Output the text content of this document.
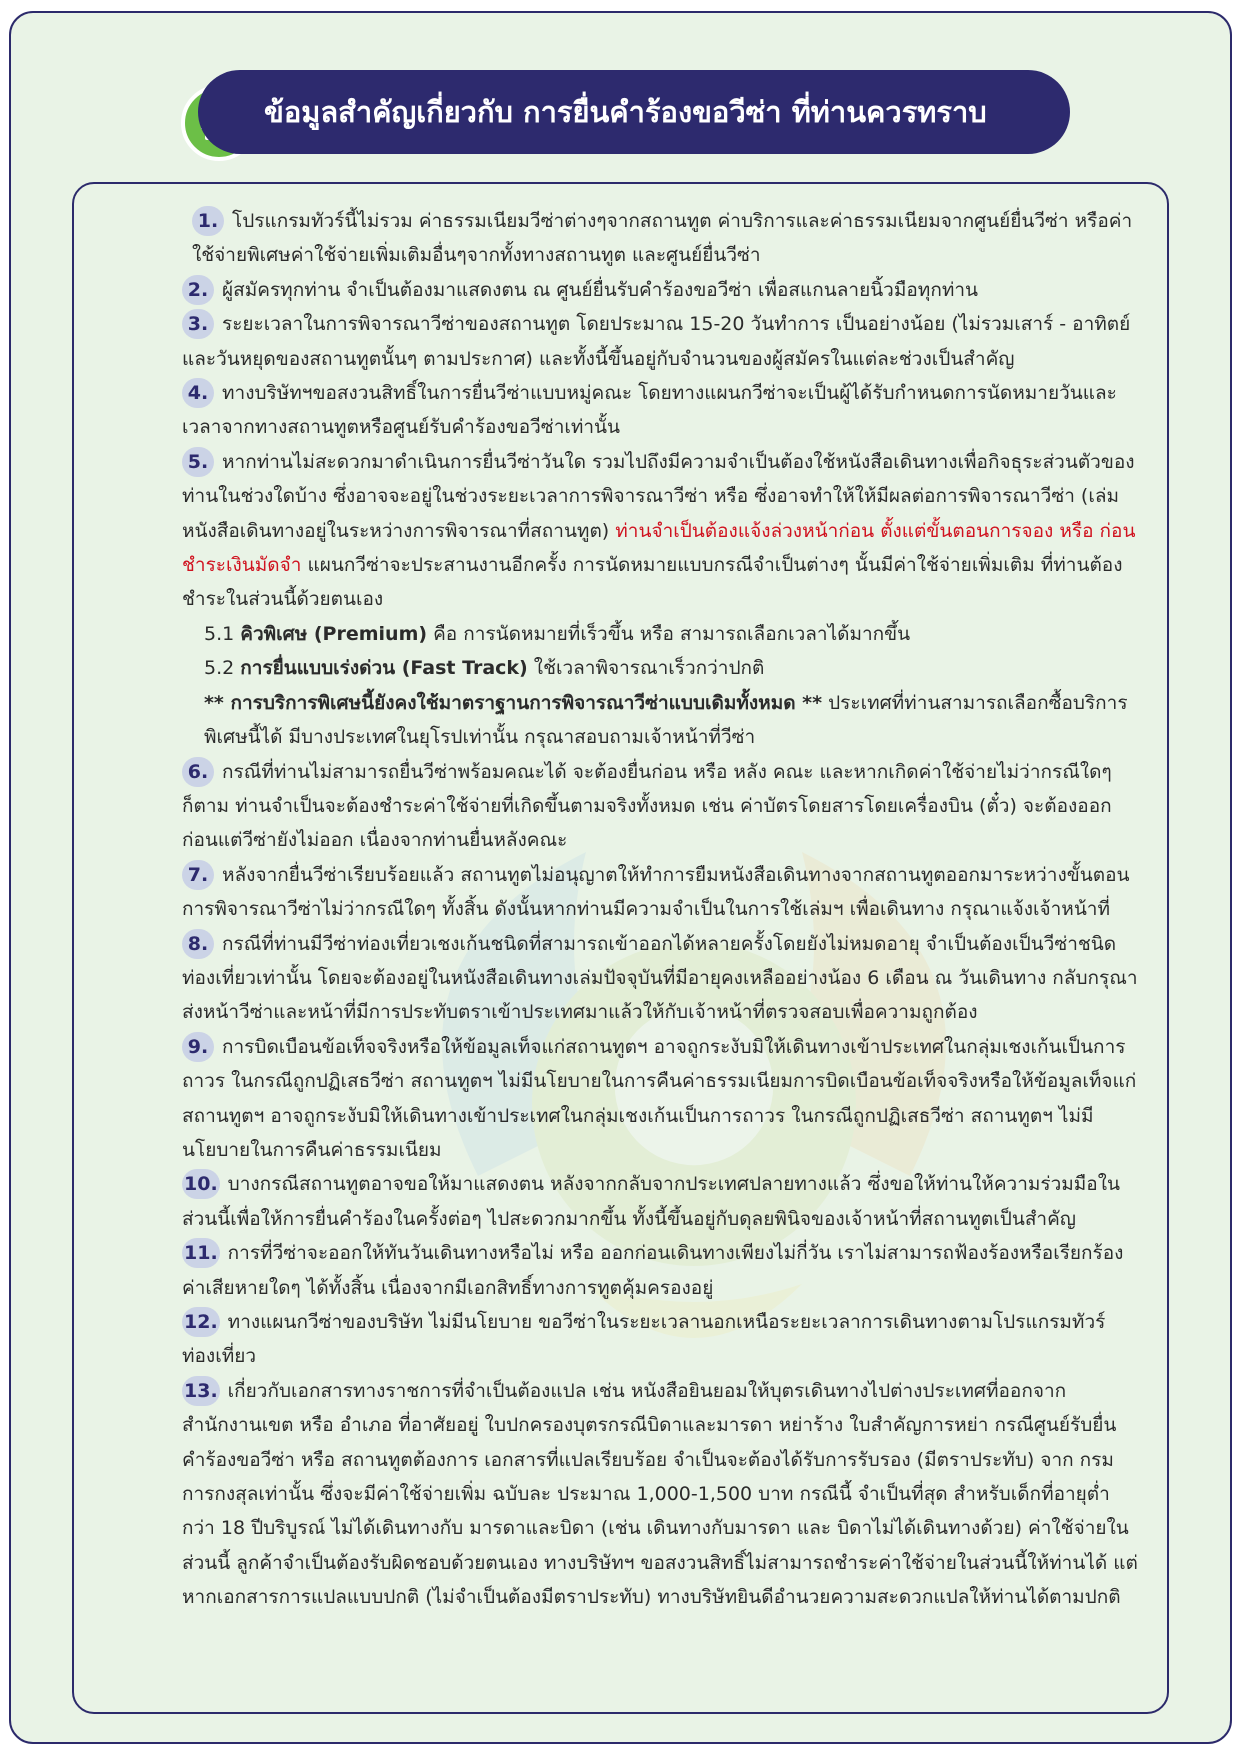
ข้อมูลสำคัญเกี่ยวกับ การยื่นคำร้องขอวีซ่า ที่ท่านควรทราบ

1. โปรแกรมทัวร์นี้ไม่รวม ค่าธรรมเนียมวีซ่าต่างๆจากสถานทูต ค่าบริการและค่าธรรมเนียมจากศูนย์ยื่นวีซ่า หรือค่าใช้จ่ายพิเศษค่าใช้จ่ายเพิ่มเติมอื่นๆจากทั้งทางสถานทูต และศูนย์ยื่นวีซ่า

2. ผู้สมัครทุกท่าน จำเป็นต้องมาแสดงตน ณ ศูนย์ยื่นรับคำร้องขอวีซ่า เพื่อสแกนลายนิ้วมือทุกท่าน

3. ระยะเวลาในการพิจารณาวีซ่าของสถานทูต โดยประมาณ 15-20 วันทำการ เป็นอย่างน้อย (ไม่รวมเสาร์ - อาทิตย์ และวันหยุดของสถานทูตนั้นๆ ตามประกาศ) และทั้งนี้ขึ้นอยู่กับจำนวนของผู้สมัครในแต่ละช่วงเป็นสำคัญ

4. ทางบริษัทฯขอสงวนสิทธิ์ในการยื่นวีซ่าแบบหมู่คณะ โดยทางแผนกวีซ่าจะเป็นผู้ได้รับกำหนดการนัดหมายวันและเวลาจากทางสถานทูตหรือศูนย์รับคำร้องขอวีซ่าเท่านั้น

5. หากท่านไม่สะดวกมาดำเนินการยื่นวีซ่าวันใด รวมไปถึงมีความจำเป็นต้องใช้หนังสือเดินทางเพื่อกิจธุระส่วนตัวของท่านในช่วงใดบ้าง ซึ่งอาจจะอยู่ในช่วงระยะเวลาการพิจารณาวีซ่า หรือ ซึ่งอาจทำให้ให้มีผลต่อการพิจารณาวีซ่า (เล่มหนังสือเดินทางอยู่ในระหว่างการพิจารณาที่สถานทูต) ท่านจำเป็นต้องแจ้งล่วงหน้าก่อน ตั้งแต่ขั้นตอนการจอง หรือ ก่อนชำระเงินมัดจำ แผนกวีซ่าจะประสานงานอีกครั้ง การนัดหมายแบบกรณีจำเป็นต่างๆ นั้นมีค่าใช้จ่ายเพิ่มเติม ที่ท่านต้องชำระในส่วนนี้ด้วยตนเอง

5.1 คิวพิเศษ (Premium) คือ การนัดหมายที่เร็วขึ้น หรือ สามารถเลือกเวลาได้มากขึ้น

5.2 การยื่นแบบเร่งด่วน (Fast Track) ใช้เวลาพิจารณาเร็วกว่าปกติ

** การบริการพิเศษนี้ยังคงใช้มาตราฐานการพิจารณาวีซ่าแบบเดิมทั้งหมด ** ประเทศที่ท่านสามารถเลือกซื้อบริการพิเศษนี้ได้ มีบางประเทศในยุโรปเท่านั้น กรุณาสอบถามเจ้าหน้าที่วีซ่า

6. กรณีที่ท่านไม่สามารถยื่นวีซ่าพร้อมคณะได้ จะต้องยื่นก่อน หรือ หลัง คณะ และหากเกิดค่าใช้จ่ายไม่ว่ากรณีใดๆ ก็ตาม ท่านจำเป็นจะต้องชำระค่าใช้จ่ายที่เกิดขึ้นตามจริงทั้งหมด เช่น ค่าบัตรโดยสารโดยเครื่องบิน (ตั๋ว) จะต้องออกก่อนแต่วีซ่ายังไม่ออก เนื่องจากท่านยื่นหลังคณะ

7. หลังจากยื่นวีซ่าเรียบร้อยแล้ว สถานทูตไม่อนุญาตให้ทำการยืมหนังสือเดินทางจากสถานทูตออกมาระหว่างขั้นตอนการพิจารณาวีซ่าไม่ว่ากรณีใดๆ ทั้งสิ้น ดังนั้นหากท่านมีความจำเป็นในการใช้เล่มฯ เพื่อเดินทาง กรุณาแจ้งเจ้าหน้าที่

8. กรณีที่ท่านมีวีซ่าท่องเที่ยวเชงเก้นชนิดที่สามารถเข้าออกได้หลายครั้งโดยยังไม่หมดอายุ จำเป็นต้องเป็นวีซ่าชนิดท่องเที่ยวเท่านั้น โดยจะต้องอยู่ในหนังสือเดินทางเล่มปัจจุบันที่มีอายุคงเหลืออย่างน้อง 6 เดือน ณ วันเดินทาง กลับกรุณาส่งหน้าวีซ่าและหน้าที่มีการประทับตราเข้าประเทศมาแล้วให้กับเจ้าหน้าที่ตรวจสอบเพื่อความถูกต้อง

9. การบิดเบือนข้อเท็จจริงหรือให้ข้อมูลเท็จแก่สถานทูตฯ อาจถูกระงับมิให้เดินทางเข้าประเทศในกลุ่มเชงเก้นเป็นการถาวร ในกรณีถูกปฏิเสธวีซ่า สถานทูตฯ ไม่มีนโยบายในการคืนค่าธรรมเนียมการบิดเบือนข้อเท็จจริงหรือให้ข้อมูลเท็จแก่สถานทูตฯ อาจถูกระงับมิให้เดินทางเข้าประเทศในกลุ่มเชงเก้นเป็นการถาวร ในกรณีถูกปฏิเสธวีซ่า สถานทูตฯ ไม่มีนโยบายในการคืนค่าธรรมเนียม

10. บางกรณีสถานทูตอาจขอให้มาแสดงตน หลังจากกลับจากประเทศปลายทางแล้ว ซึ่งขอให้ท่านให้ความร่วมมือในส่วนนี้เพื่อให้การยื่นคำร้องในครั้งต่อๆ ไปสะดวกมากขึ้น ทั้งนี้ขึ้นอยู่กับดุลยพินิจของเจ้าหน้าที่สถานทูตเป็นสำคัญ

11. การที่วีซ่าจะออกให้ทันวันเดินทางหรือไม่ หรือ ออกก่อนเดินทางเพียงไม่กี่วัน เราไม่สามารถฟ้องร้องหรือเรียกร้องค่าเสียหายใดๆ ได้ทั้งสิ้น เนื่องจากมีเอกสิทธิ์ทางการทูตคุ้มครองอยู่

12. ทางแผนกวีซ่าของบริษัท ไม่มีนโยบาย ขอวีซ่าในระยะเวลานอกเหนือระยะเวลาการเดินทางตามโปรแกรมทัวร์ ท่องเที่ยว

13. เกี่ยวกับเอกสารทางราชการที่จำเป็นต้องแปล เช่น หนังสือยินยอมให้บุตรเดินทางไปต่างประเทศที่ออกจากสำนักงานเขต หรือ อำเภอ ที่อาศัยอยู่ ใบปกครองบุตรกรณีบิดาและมารดา หย่าร้าง ใบสำคัญการหย่า กรณีศูนย์รับยื่นคำร้องขอวีซ่า หรือ สถานทูตต้องการ เอกสารที่แปลเรียบร้อย จำเป็นจะต้องได้รับการรับรอง (มีตราประทับ) จาก กรมการกงสุลเท่านั้น ซึ่งจะมีค่าใช้จ่ายเพิ่ม ฉบับละ ประมาณ 1,000-1,500 บาท กรณีนี้ จำเป็นที่สุด สำหรับเด็กที่อายุต่ำกว่า 18 ปีบริบูรณ์ ไม่ได้เดินทางกับ มารดาและบิดา (เช่น เดินทางกับมารดา และ บิดาไม่ได้เดินทางด้วย) ค่าใช้จ่ายในส่วนนี้ ลูกค้าจำเป็นต้องรับผิดชอบด้วยตนเอง ทางบริษัทฯ ขอสงวนสิทธิ์ไม่สามารถชำระค่าใช้จ่ายในส่วนนี้ให้ท่านได้ แต่หากเอกสารการแปลแบบปกติ (ไม่จำเป็นต้องมีตราประทับ) ทางบริษัทยินดีอำนวยความสะดวกแปลให้ท่านได้ตามปกติ
